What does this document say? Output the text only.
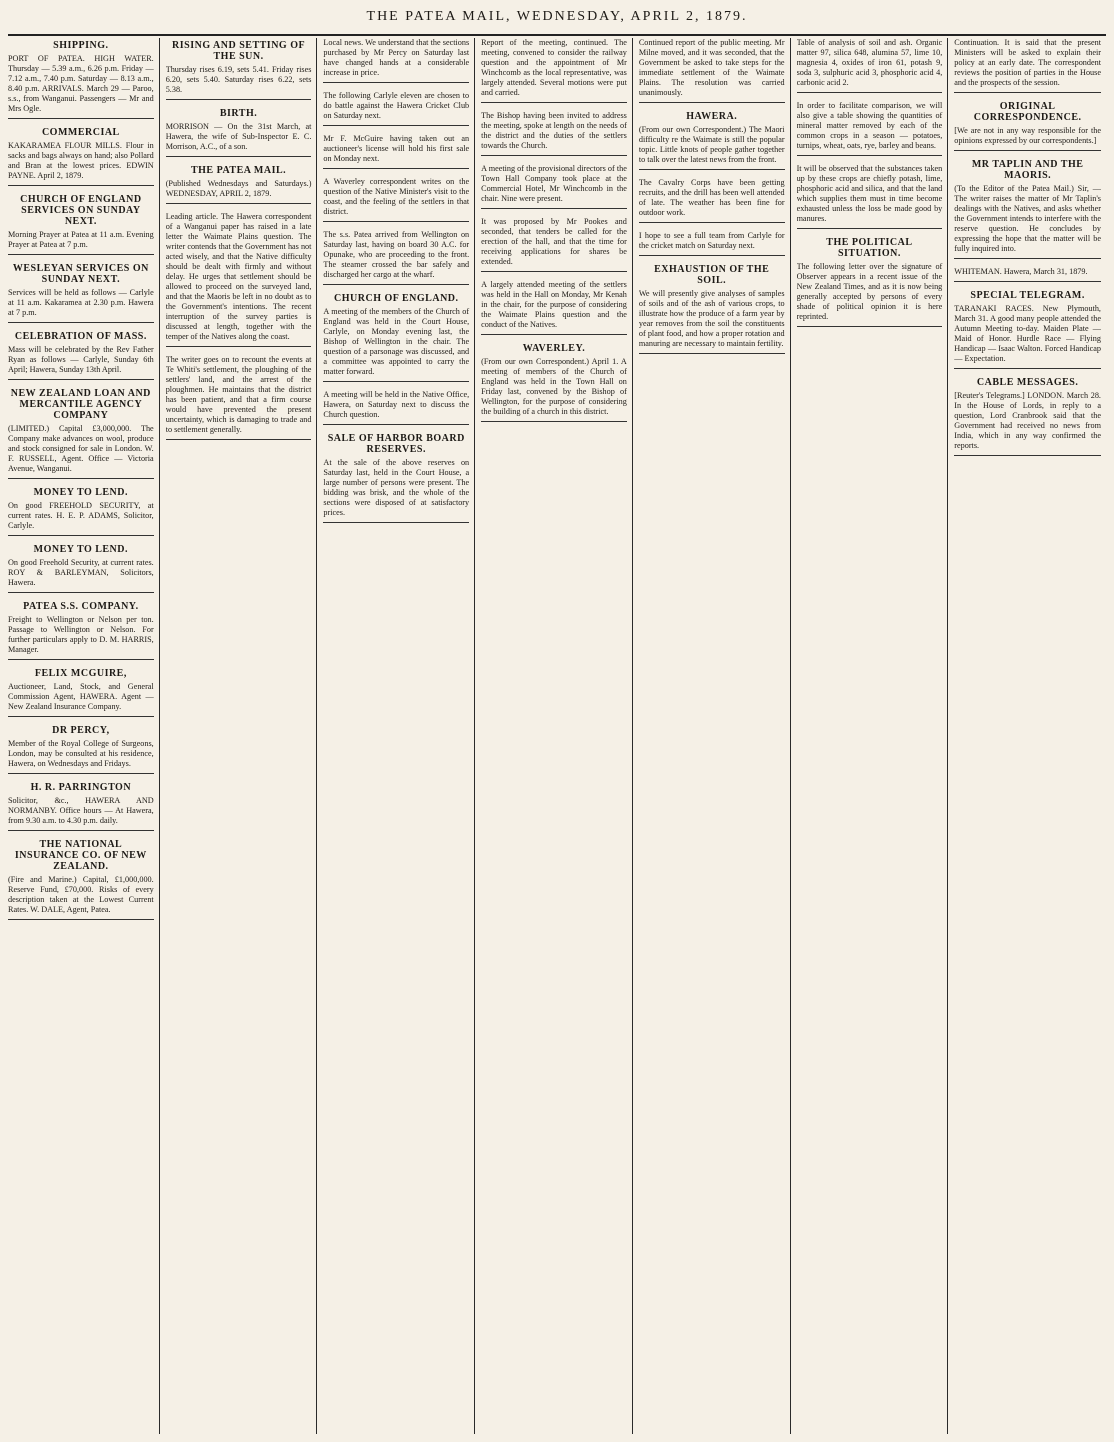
THE PATEA MAIL, WEDNESDAY, APRIL 2, 1879.
SHIPPING.
PORT OF PATEA. HIGH WATER. Thursday — 5.39 a.m., 6.26 p.m. Friday — 7.12 a.m., 7.40 p.m. Saturday — 8.13 a.m., 8.40 p.m. ARRIVALS. March 29 — Paroo, s.s., from Wanganui. Passengers — Mr and Mrs Ogle.
COMMERCIAL
KAKARAMEA FLOUR MILLS. Flour in sacks and bags always on hand; also Pollard and Bran at the lowest prices. EDWIN PAYNE. April 2, 1879.
CHURCH OF ENGLAND SERVICES ON SUNDAY NEXT.
Morning Prayer at Patea at 11 a.m. Evening Prayer at Patea at 7 p.m.
WESLEYAN SERVICES ON SUNDAY NEXT.
Services will be held as follows — Carlyle at 11 a.m. Kakaramea at 2.30 p.m. Hawera at 7 p.m.
CELEBRATION OF MASS.
Mass will be celebrated by the Rev Father Ryan as follows — Carlyle, Sunday 6th April; Hawera, Sunday 13th April.
NEW ZEALAND LOAN AND MERCANTILE AGENCY COMPANY
(LIMITED.) Capital £3,000,000. The Company make advances on wool, produce and stock consigned for sale in London. W. F. RUSSELL, Agent. Office — Victoria Avenue, Wanganui.
MONEY TO LEND.
On good FREEHOLD SECURITY, at current rates. H. E. P. ADAMS, Solicitor, Carlyle.
MONEY TO LEND.
On good Freehold Security, at current rates. ROY & BARLEYMAN, Solicitors, Hawera.
PATEA S.S. COMPANY.
Freight to Wellington or Nelson per ton. Passage to Wellington or Nelson. For further particulars apply to D. M. HARRIS, Manager.
FELIX MCGUIRE,
Auctioneer, Land, Stock, and General Commission Agent, HAWERA. Agent — New Zealand Insurance Company.
DR PERCY,
Member of the Royal College of Surgeons, London, may be consulted at his residence, Hawera, on Wednesdays and Fridays.
H. R. PARRINGTON
Solicitor, &c., HAWERA AND NORMANBY. Office hours — At Hawera, from 9.30 a.m. to 4.30 p.m. daily.
THE NATIONAL INSURANCE CO. OF NEW ZEALAND.
(Fire and Marine.) Capital, £1,000,000. Reserve Fund, £70,000. Risks of every description taken at the Lowest Current Rates. W. DALE, Agent, Patea.
RISING AND SETTING OF THE SUN.
Thursday rises 6.19, sets 5.41. Friday rises 6.20, sets 5.40. Saturday rises 6.22, sets 5.38.
BIRTH.
MORRISON — On the 31st March, at Hawera, the wife of Sub-Inspector E. C. Morrison, A.C., of a son.
THE PATEA MAIL.
(Published Wednesdays and Saturdays.) WEDNESDAY, APRIL 2, 1879.
Leading article. The Hawera correspondent of a Wanganui paper has raised in a late letter the Waimate Plains question. The writer contends that the Government has not acted wisely, and that the Native difficulty should be dealt with firmly and without delay. He urges that settlement should be allowed to proceed on the surveyed land, and that the Maoris be left in no doubt as to the Government's intentions. The recent interruption of the survey parties is discussed at length, together with the temper of the Natives along the coast.
The writer goes on to recount the events at Te Whiti's settlement, the ploughing of the settlers' land, and the arrest of the ploughmen. He maintains that the district has been patient, and that a firm course would have prevented the present uncertainty, which is damaging to trade and to settlement generally.
Local news. We understand that the sections purchased by Mr Percy on Saturday last have changed hands at a considerable increase in price.
The following Carlyle eleven are chosen to do battle against the Hawera Cricket Club on Saturday next.
Mr F. McGuire having taken out an auctioneer's license will hold his first sale on Monday next.
A Waverley correspondent writes on the question of the Native Minister's visit to the coast, and the feeling of the settlers in that district.
The s.s. Patea arrived from Wellington on Saturday last, having on board 30 A.C. for Opunake, who are proceeding to the front. The steamer crossed the bar safely and discharged her cargo at the wharf.
CHURCH OF ENGLAND.
A meeting of the members of the Church of England was held in the Court House, Carlyle, on Monday evening last, the Bishop of Wellington in the chair. The question of a parsonage was discussed, and a committee was appointed to carry the matter forward.
A meeting will be held in the Native Office, Hawera, on Saturday next to discuss the Church question.
SALE OF HARBOR BOARD RESERVES.
At the sale of the above reserves on Saturday last, held in the Court House, a large number of persons were present. The bidding was brisk, and the whole of the sections were disposed of at satisfactory prices.
Report of the meeting, continued. The meeting, convened to consider the railway question and the appointment of Mr Winchcomb as the local representative, was largely attended. Several motions were put and carried.
The Bishop having been invited to address the meeting, spoke at length on the needs of the district and the duties of the settlers towards the Church.
A meeting of the provisional directors of the Town Hall Company took place at the Commercial Hotel, Mr Winchcomb in the chair. Nine were present.
It was proposed by Mr Pookes and seconded, that tenders be called for the erection of the hall, and that the time for receiving applications for shares be extended.
A largely attended meeting of the settlers was held in the Hall on Monday, Mr Kenah in the chair, for the purpose of considering the Waimate Plains question and the conduct of the Natives.
WAVERLEY.
(From our own Correspondent.) April 1. A meeting of members of the Church of England was held in the Town Hall on Friday last, convened by the Bishop of Wellington, for the purpose of considering the building of a church in this district.
Continued report of the public meeting. Mr Milne moved, and it was seconded, that the Government be asked to take steps for the immediate settlement of the Waimate Plains. The resolution was carried unanimously.
HAWERA.
(From our own Correspondent.) The Maori difficulty re the Waimate is still the popular topic. Little knots of people gather together to talk over the latest news from the front.
The Cavalry Corps have been getting recruits, and the drill has been well attended of late. The weather has been fine for outdoor work.
I hope to see a full team from Carlyle for the cricket match on Saturday next.
EXHAUSTION OF THE SOIL.
We will presently give analyses of samples of soils and of the ash of various crops, to illustrate how the produce of a farm year by year removes from the soil the constituents of plant food, and how a proper rotation and manuring are necessary to maintain fertility.
Table of analysis of soil and ash. Organic matter 97, silica 648, alumina 57, lime 10, magnesia 4, oxides of iron 61, potash 9, soda 3, sulphuric acid 3, phosphoric acid 4, carbonic acid 2.
In order to facilitate comparison, we will also give a table showing the quantities of mineral matter removed by each of the common crops in a season — potatoes, turnips, wheat, oats, rye, barley and beans.
It will be observed that the substances taken up by these crops are chiefly potash, lime, phosphoric acid and silica, and that the land which supplies them must in time become exhausted unless the loss be made good by manures.
THE POLITICAL SITUATION.
The following letter over the signature of Observer appears in a recent issue of the New Zealand Times, and as it is now being generally accepted by persons of every shade of political opinion it is here reprinted.
Continuation. It is said that the present Ministers will be asked to explain their policy at an early date. The correspondent reviews the position of parties in the House and the prospects of the session.
ORIGINAL CORRESPONDENCE.
[We are not in any way responsible for the opinions expressed by our correspondents.]
MR TAPLIN AND THE MAORIS.
(To the Editor of the Patea Mail.) Sir, — The writer raises the matter of Mr Taplin's dealings with the Natives, and asks whether the Government intends to interfere with the reserve question. He concludes by expressing the hope that the matter will be fully inquired into.
WHITEMAN. Hawera, March 31, 1879.
SPECIAL TELEGRAM.
TARANAKI RACES. New Plymouth, March 31. A good many people attended the Autumn Meeting to-day. Maiden Plate — Maid of Honor. Hurdle Race — Flying Handicap — Isaac Walton. Forced Handicap — Expectation.
CABLE MESSAGES.
[Reuter's Telegrams.] LONDON. March 28. In the House of Lords, in reply to a question, Lord Cranbrook said that the Government had received no news from India, which in any way confirmed the reports.
